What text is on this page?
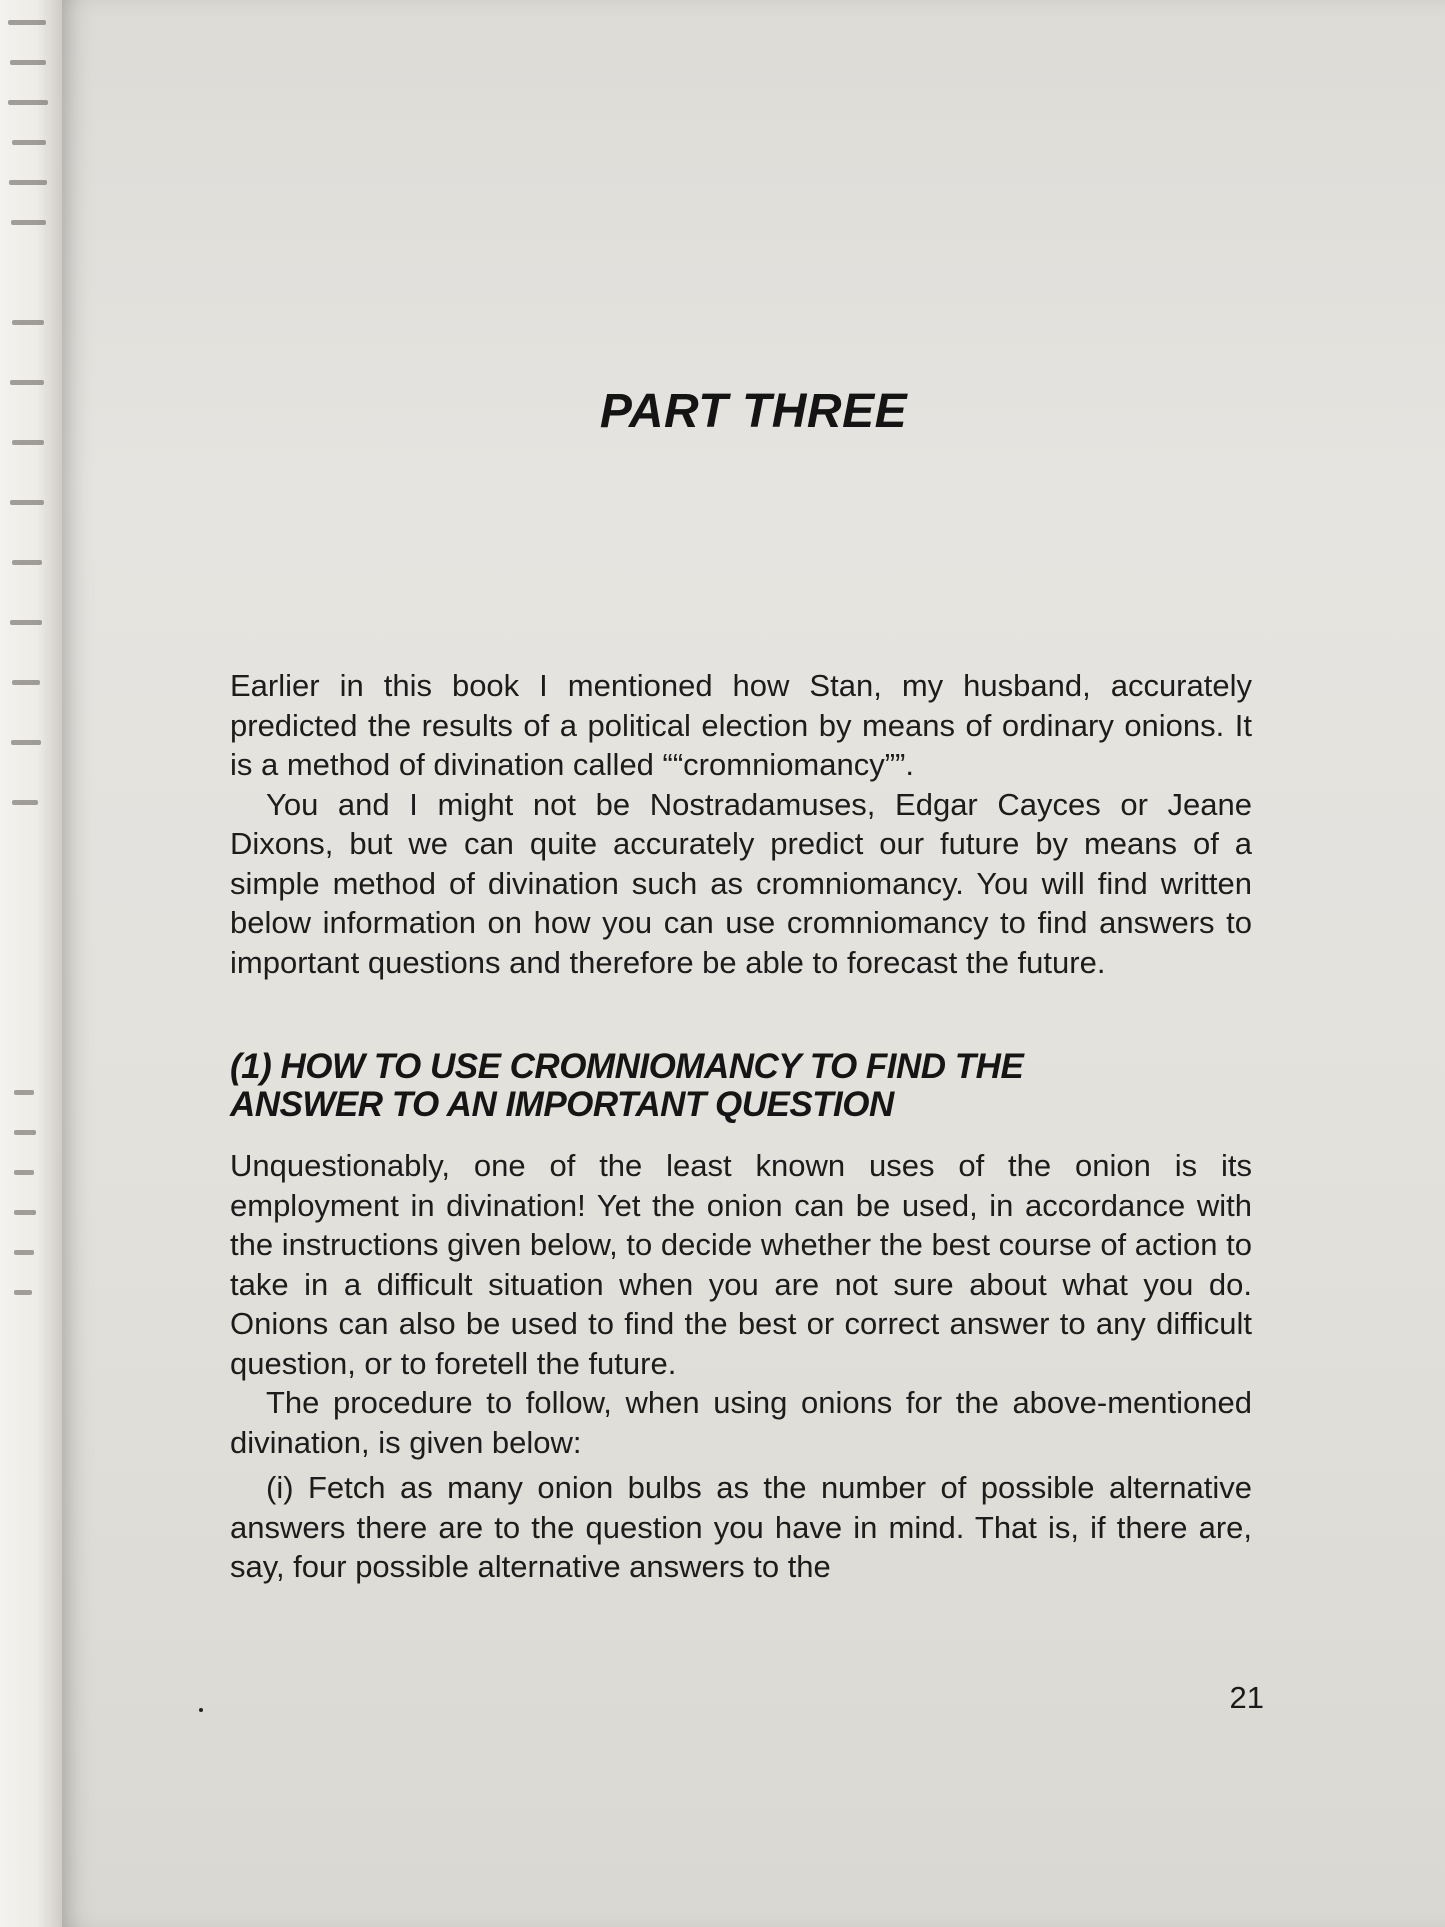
PART THREE

Earlier in this book I mentioned how Stan, my husband, accurately predicted the results of a political election by means of ordinary onions. It is a method of divination called ““cromniomancy””.

You and I might not be Nostradamuses, Edgar Cayces or Jeane Dixons, but we can quite accurately predict our future by means of a simple method of divination such as cromniomancy. You will find written below information on how you can use cromniomancy to find answers to important questions and therefore be able to forecast the future.

(1) HOW TO USE CROMNIOMANCY TO FIND THE
ANSWER TO AN IMPORTANT QUESTION

Unquestionably, one of the least known uses of the onion is its employment in divination! Yet the onion can be used, in accordance with the instructions given below, to decide whether the best course of action to take in a difficult situation when you are not sure about what you do. Onions can also be used to find the best or correct answer to any difficult question, or to foretell the future.

The procedure to follow, when using onions for the above-mentioned divination, is given below:

(i) Fetch as many onion bulbs as the number of possible alternative answers there are to the question you have in mind. That is, if there are, say, four possible alternative answers to the

21
